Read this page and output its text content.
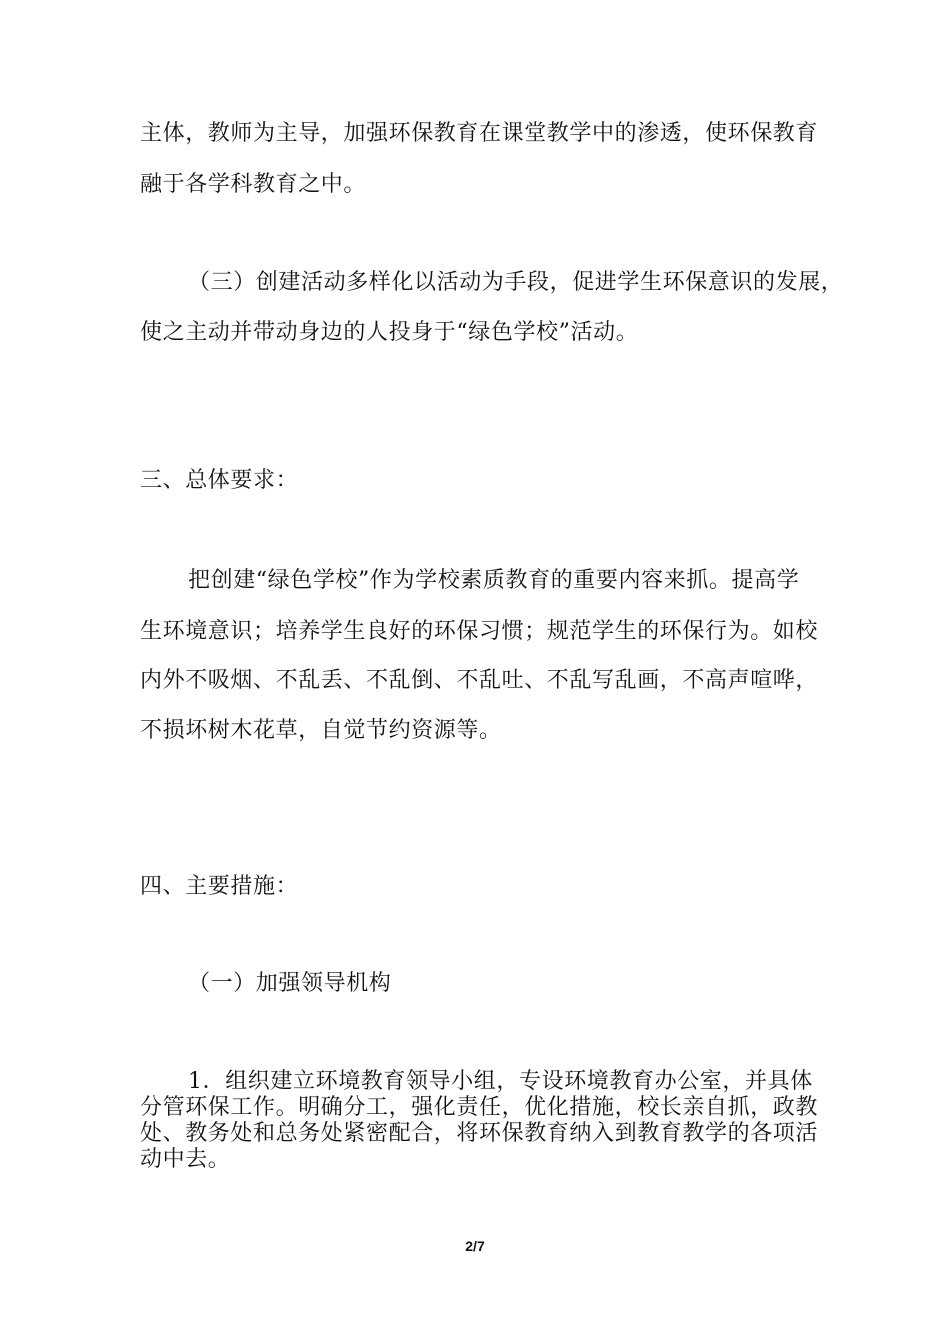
主体，教师为主导，加强环保教育在课堂教学中的渗透，使环保教育

融于各学科教育之中。

（三）创建活动多样化以活动为手段，促进学生环保意识的发展，

使之主动并带动身边的人投身于“绿色学校”活动。

三、总体要求：

把创建“绿色学校”作为学校素质教育的重要内容来抓。提高学

生环境意识；培养学生良好的环保习惯；规范学生的环保行为。如校

内外不吸烟、不乱丢、不乱倒、不乱吐、不乱写乱画，不高声喧哗，

不损坏树木花草，自觉节约资源等。

四、主要措施：

（一）加强领导机构

1．组织建立环境教育领导小组，专设环境教育办公室，并具体

分管环保工作。明确分工，强化责任，优化措施，校长亲自抓，政教

处、教务处和总务处紧密配合，将环保教育纳入到教育教学的各项活

动中去。

2/7
